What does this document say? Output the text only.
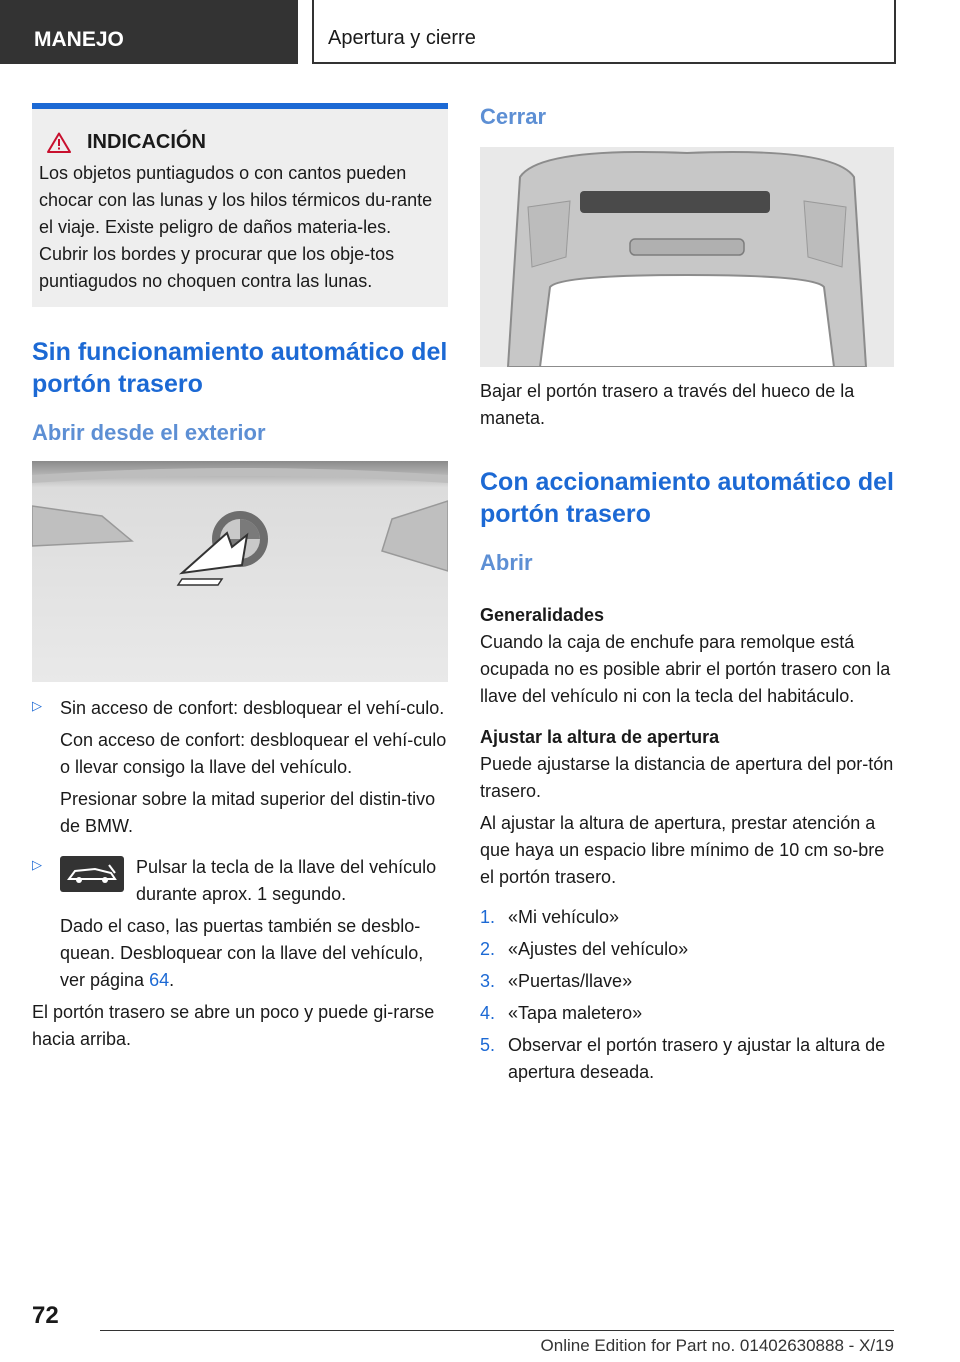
MANEJO	Apertura y cierre
INDICACIÓN
Los objetos puntiagudos o con cantos pueden chocar con las lunas y los hilos térmicos du-rante el viaje. Existe peligro de daños materia-les. Cubrir los bordes y procurar que los obje-tos puntiagudos no choquen contra las lunas.
Sin funcionamiento automático del portón trasero
Abrir desde el exterior
▷	Sin acceso de confort: desbloquear el vehí-culo.
Con acceso de confort: desbloquear el vehí-culo o llevar consigo la llave del vehículo.
Presionar sobre la mitad superior del distin-tivo de BMW.
▷	Pulsar la tecla de la llave del vehículo durante aprox. 1 segundo.
Dado el caso, las puertas también se desblo-quean. Desbloquear con la llave del vehículo, ver página 64.
El portón trasero se abre un poco y puede gi-rarse hacia arriba.
Cerrar
Bajar el portón trasero a través del hueco de la maneta.
Con accionamiento automático del portón trasero
Abrir
Generalidades
Cuando la caja de enchufe para remolque está ocupada no es posible abrir el portón trasero con la llave del vehículo ni con la tecla del habitáculo.
Ajustar la altura de apertura
Puede ajustarse la distancia de apertura del por-tón trasero.
Al ajustar la altura de apertura, prestar atención a que haya un espacio libre mínimo de 10 cm so-bre el portón trasero.
1. «Mi vehículo»
2. «Ajustes del vehículo»
3. «Puertas/llave»
4. «Tapa maletero»
5. Observar el portón trasero y ajustar la altura de apertura deseada.
72
Online Edition for Part no. 01402630888 - X/19
